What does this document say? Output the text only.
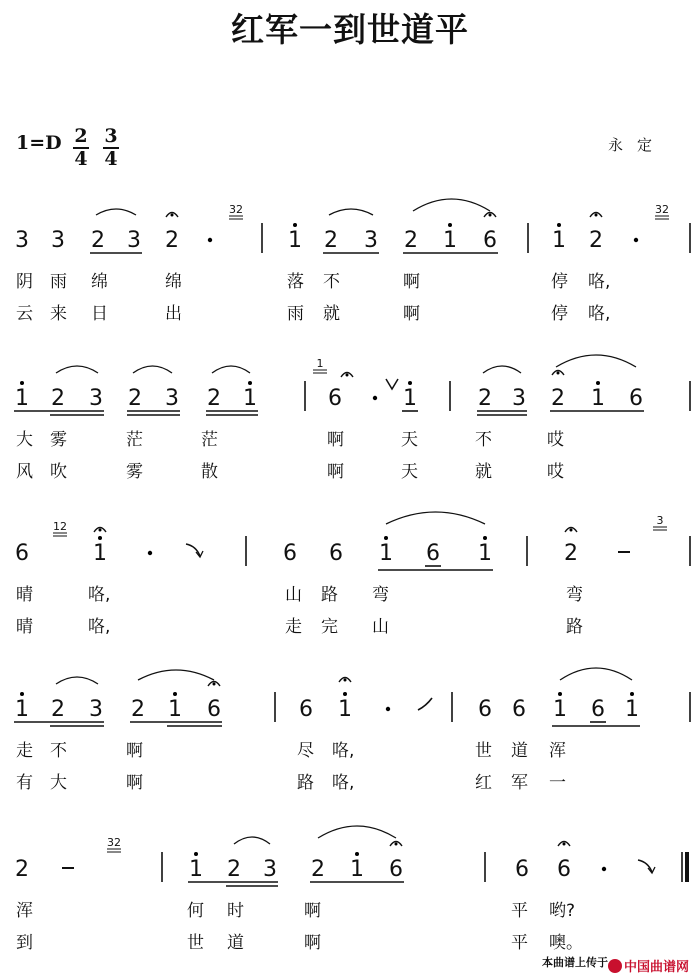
红军一到世道平
1=D 2
4
3
4
永定
3 3 2 3 2
32
1 2 3 2 1 6	1 2
32
1 2 3 2 3 2 1
1
6	1	2 3 2 1 6
6
12
1	6 6 1 6 1	2
3
1 2 3 2 1 6	6 1	6 6 1 6 1
2
32
1 2 3 2 1 6	6 6
阴 雨 绵	绵	落 不	啊	停 咯,
云 来 日	出	雨 就	啊	停 咯,
大 雾	茫	茫	啊	天	不	哎
风 吹	雾	散	啊	天	就	哎
晴	咯,	山 路 弯	弯
晴	咯,	走 完 山	路
走 不	啊	尽 咯,	世 道 浑
有 大	啊	路 咯,	红 军 一
浑	何 时	啊	平 哟?
到	世 道	啊	平 噢。
本曲谱上传于	中国曲谱网
